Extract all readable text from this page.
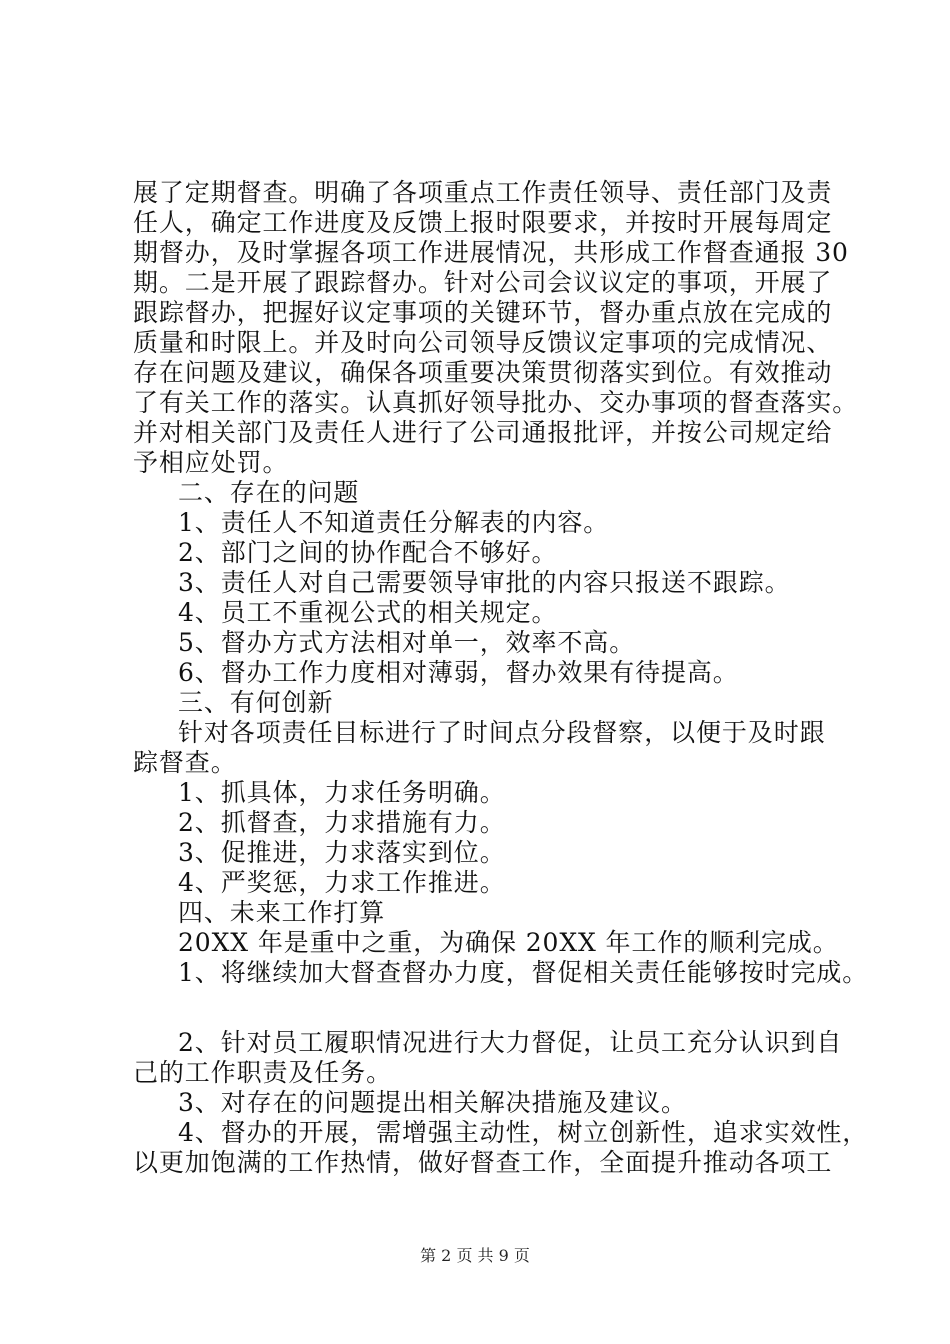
展了定期督查。明确了各项重点工作责任领导、责任部门及责
任人，确定工作进度及反馈上报时限要求，并按时开展每周定
期督办，及时掌握各项工作进展情况，共形成工作督查通报 30
期。二是开展了跟踪督办。针对公司会议议定的事项，开展了
跟踪督办，把握好议定事项的关键环节，督办重点放在完成的
质量和时限上。并及时向公司领导反馈议定事项的完成情况、
存在问题及建议，确保各项重要决策贯彻落实到位。有效推动
了有关工作的落实。认真抓好领导批办、交办事项的督查落实。
并对相关部门及责任人进行了公司通报批评，并按公司规定给
予相应处罚。
二、存在的问题
1、责任人不知道责任分解表的内容。
2、部门之间的协作配合不够好。
3、责任人对自己需要领导审批的内容只报送不跟踪。
4、员工不重视公式的相关规定。
5、督办方式方法相对单一，效率不高。
6、督办工作力度相对薄弱，督办效果有待提高。
三、有何创新
针对各项责任目标进行了时间点分段督察，以便于及时跟
踪督查。
1、抓具体，力求任务明确。
2、抓督查，力求措施有力。
3、促推进，力求落实到位。
4、严奖惩，力求工作推进。
四、未来工作打算
20XX 年是重中之重，为确保 20XX 年工作的顺利完成。
1、将继续加大督查督办力度，督促相关责任能够按时完成。
2、针对员工履职情况进行大力督促，让员工充分认识到自
己的工作职责及任务。
3、对存在的问题提出相关解决措施及建议。
4、督办的开展，需增强主动性，树立创新性，追求实效性，
以更加饱满的工作热情，做好督查工作，全面提升推动各项工
第 2 页 共 9 页
